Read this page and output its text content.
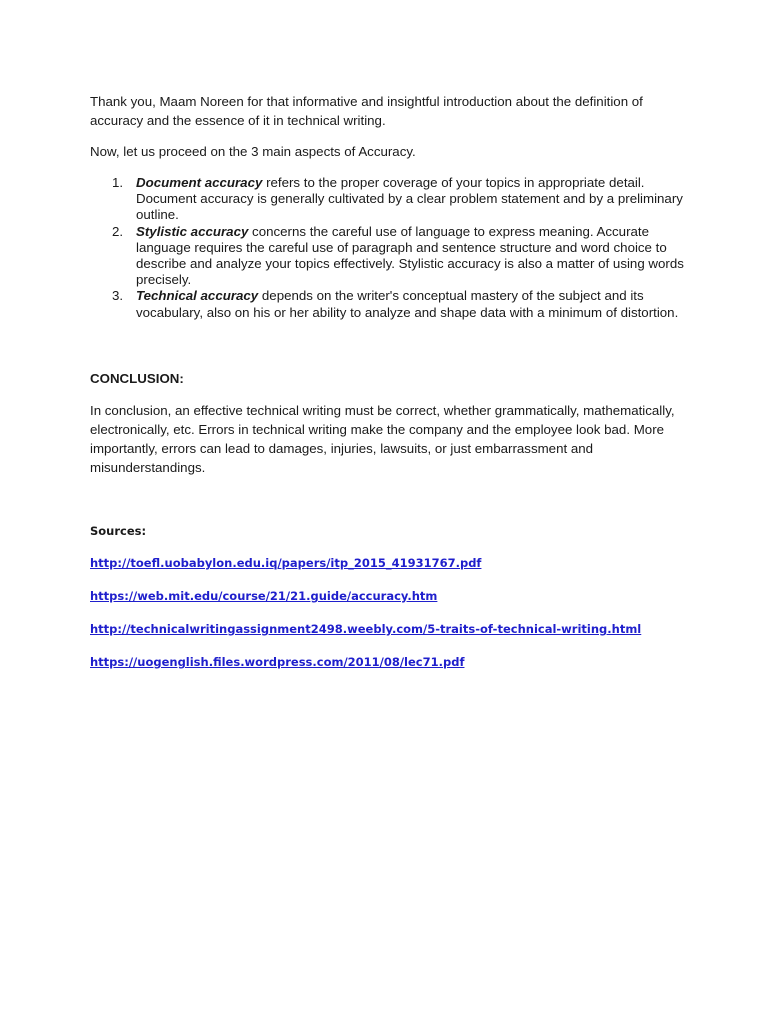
Thank you, Maam Noreen for that informative and insightful introduction about the definition of accuracy and the essence of it in technical writing.

Now, let us proceed on the 3 main aspects of Accuracy.

1. Document accuracy refers to the proper coverage of your topics in appropriate detail. Document accuracy is generally cultivated by a clear problem statement and by a preliminary outline.
2. Stylistic accuracy concerns the careful use of language to express meaning. Accurate language requires the careful use of paragraph and sentence structure and word choice to describe and analyze your topics effectively. Stylistic accuracy is also a matter of using words precisely.
3. Technical accuracy depends on the writer's conceptual mastery of the subject and its vocabulary, also on his or her ability to analyze and shape data with a minimum of distortion.
CONCLUSION:

In conclusion, an effective technical writing must be correct, whether grammatically, mathematically, electronically, etc. Errors in technical writing make the company and the employee look bad. More importantly, errors can lead to damages, injuries, lawsuits, or just embarrassment and misunderstandings.

Sources:
http://toefl.uobabylon.edu.iq/papers/itp_2015_41931767.pdf
https://web.mit.edu/course/21/21.guide/accuracy.htm
http://technicalwritingassignment2498.weebly.com/5-traits-of-technical-writing.html
https://uogenglish.files.wordpress.com/2011/08/lec71.pdf
